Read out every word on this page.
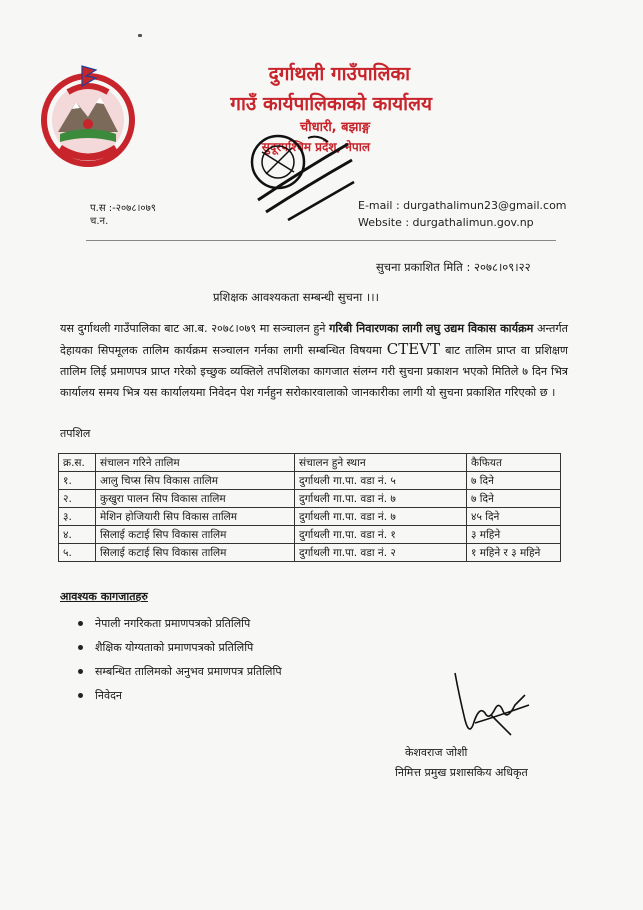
दुर्गाथली गाउँपालिका
गाउँ कार्यपालिकाको कार्यालय
चौधारी, बझाङ्ग
सुदूरपश्चिम प्रदेश, नेपाल
प.स :-२०७८।०७९
च.न.
E-mail : durgathalimun23@gmail.com
Website : durgathalimun.gov.np
सुचना प्रकाशित मिति : २०७८।०९।२२
प्रशिक्षक आवश्यकता सम्बन्धी सुचना ।।।
यस दुर्गाथली गाउँपालिका बाट आ.ब. २०७८।०७९ मा सञ्चालन हुने गरिबी निवारणका लागी लघु उद्यम विकास कार्यक्रम अन्तर्गत देहायका सिपमूलक तालिम कार्यक्रम सञ्चालन गर्नका लागी सम्बन्धित विषयमा CTEVT बाट तालिम प्राप्त वा प्रशिक्षण तालिम लिई प्रमाणपत्र प्राप्त गरेको इच्छुक व्यक्तिले तपशिलका कागजात संलग्न गरी सुचना प्रकाशन भएको मितिले ७ दिन भित्र कार्यालय समय भित्र यस कार्यालयमा निवेदन पेश गर्नहुन सरोकारवालाको जानकारीका लागी यो सुचना प्रकाशित गरिएको छ ।
तपशिल
क्र.स.	संचालन गरिने तालिम	संचालन हुने स्थान	कैफियत
१.	आलु चिप्स सिप विकास तालिम	दुर्गाथली गा.पा. वडा नं. ५	७ दिने
२.	कुखुरा पालन सिप विकास तालिम	दुर्गाथली गा.पा. वडा नं. ७	७ दिने
३.	मेशिन होजियारी सिप विकास तालिम	दुर्गाथली गा.पा. वडा नं. ७	४५ दिने
४.	सिलाई कटाई सिप विकास तालिम	दुर्गाथली गा.पा. वडा नं. १	३ महिने
५.	सिलाई कटाई सिप विकास तालिम	दुर्गाथली गा.पा. वडा नं. २	१ महिने र ३ महिने
आवश्यक कागजातहरु
नेपाली नगरिकता प्रमाणपत्रको प्रतिलिपि
शैक्षिक योग्यताको प्रमाणपत्रको प्रतिलिपि
सम्बन्धित तालिमको अनुभव प्रमाणपत्र प्रतिलिपि
निवेदन
केशवराज जोशी
निमित्त प्रमुख प्रशासकिय अधिकृत
